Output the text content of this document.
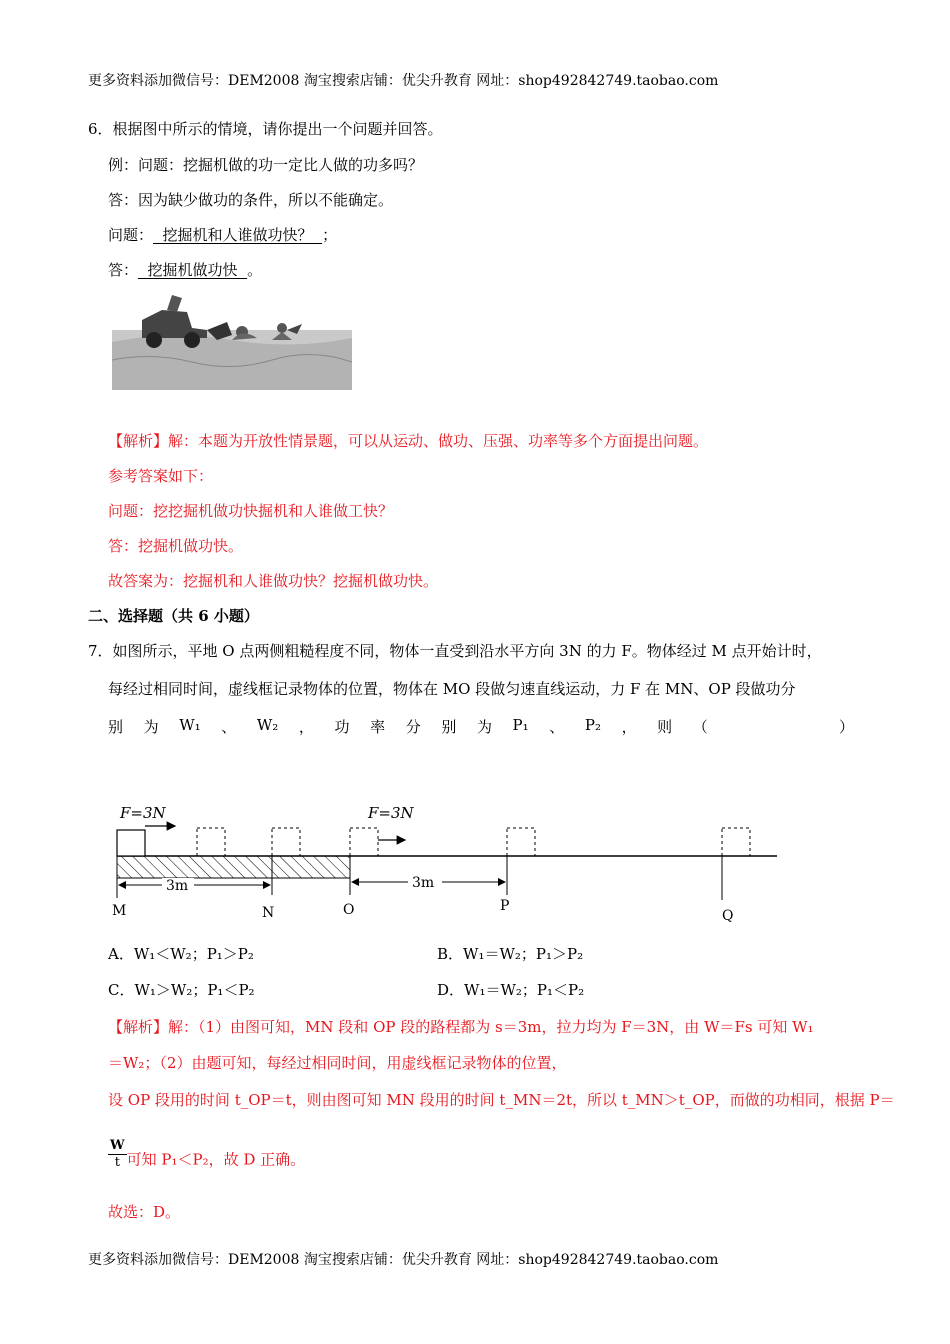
更多资料添加微信号：DEM2008 淘宝搜索店铺：优尖升教育 网址：shop492842749.taobao.com
6．根据图中所示的情境，请你提出一个问题并回答。
例：问题：挖掘机做的功一定比人做的功多吗？
答：因为缺少做功的条件，所以不能确定。
问题：  挖掘机和人谁做功快？  ；
答：  挖掘机做功快  。
【解析】解：本题为开放性情景题，可以从运动、做功、压强、功率等多个方面提出问题。
参考答案如下：
问题：挖挖掘机做功快掘机和人谁做工快？
答：挖掘机做功快。
故答案为：挖掘机和人谁做功快？挖掘机做功快。
二、选择题（共 6 小题）
7．如图所示，平地 O 点两侧粗糙程度不同，物体一直受到沿水平方向 3N 的力 F。物体经过 M 点开始计时，
每经过相同时间，虚线框记录物体的位置，物体在 MO 段做匀速直线运动，力 F 在 MN、OP 段做功分
别 为 W₁ 、 W₂ ， 功 率 分 别 为 P₁ 、 P₂ ， 则 （
　	）
F=3N	F=3N
3m	3m
M	N	O	P
Q
A．W₁＜W₂；P₁＞P₂	B．W₁＝W₂；P₁＞P₂
C．W₁＞W₂；P₁＜P₂	D．W₁＝W₂；P₁＜P₂
【解析】解：（1）由图可知，MN 段和 OP 段的路程都为 s＝3m，拉力均为 F＝3N，由 W＝Fs 可知 W₁
＝W₂；（2）由题可知，每经过相同时间，用虚线框记录物体的位置，
设 OP 段用的时间 t_OP＝t，则由图可知 MN 段用的时间 t_MN＝2t，所以 t_MN＞t_OP，而做的功相同，根据 P＝
$\frac{W}{t}$ 可知 P₁＜P₂，故 D 正确。
故选：D。
更多资料添加微信号：DEM2008 淘宝搜索店铺：优尖升教育 网址：shop492842749.taobao.com
